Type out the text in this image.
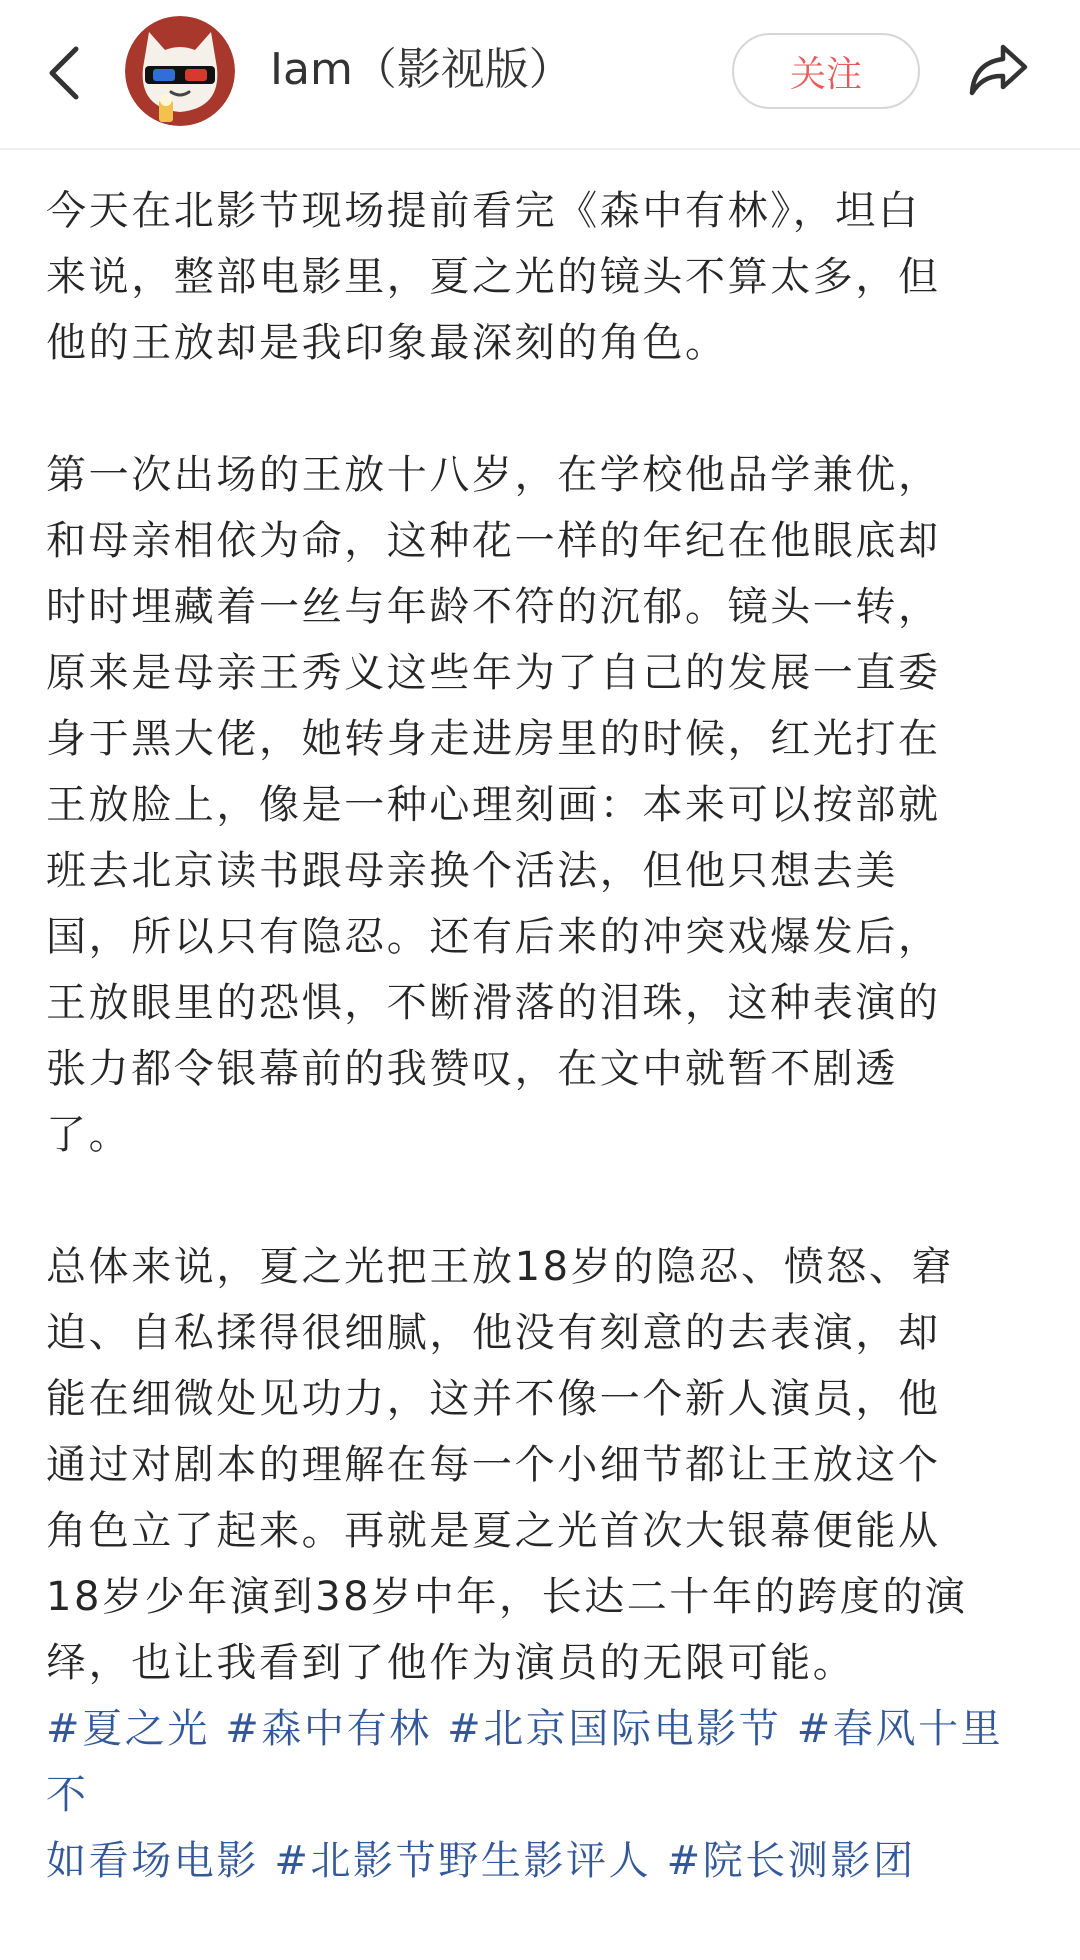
Iam（影视版）	关注

今天在北影节现场提前看完《森中有林》，坦白
来说，整部电影里，夏之光的镜头不算太多，但
他的王放却是我印象最深刻的角色。

第一次出场的王放十八岁，在学校他品学兼优，
和母亲相依为命，这种花一样的年纪在他眼底却
时时埋藏着一丝与年龄不符的沉郁。镜头一转，
原来是母亲王秀义这些年为了自己的发展一直委
身于黑大佬，她转身走进房里的时候，红光打在
王放脸上，像是一种心理刻画：本来可以按部就
班去北京读书跟母亲换个活法，但他只想去美
国，所以只有隐忍。还有后来的冲突戏爆发后，
王放眼里的恐惧，不断滑落的泪珠，这种表演的
张力都令银幕前的我赞叹，在文中就暂不剧透
了。

总体来说，夏之光把王放18岁的隐忍、愤怒、窘
迫、自私揉得很细腻，他没有刻意的去表演，却
能在细微处见功力，这并不像一个新人演员，他
通过对剧本的理解在每一个小细节都让王放这个
角色立了起来。再就是夏之光首次大银幕便能从
18岁少年演到38岁中年，长达二十年的跨度的演
绎，也让我看到了他作为演员的无限可能。

#夏之光 #森中有林 #北京国际电影节 #春风十里不
如看场电影 #北影节野生影评人 #院长测影团
